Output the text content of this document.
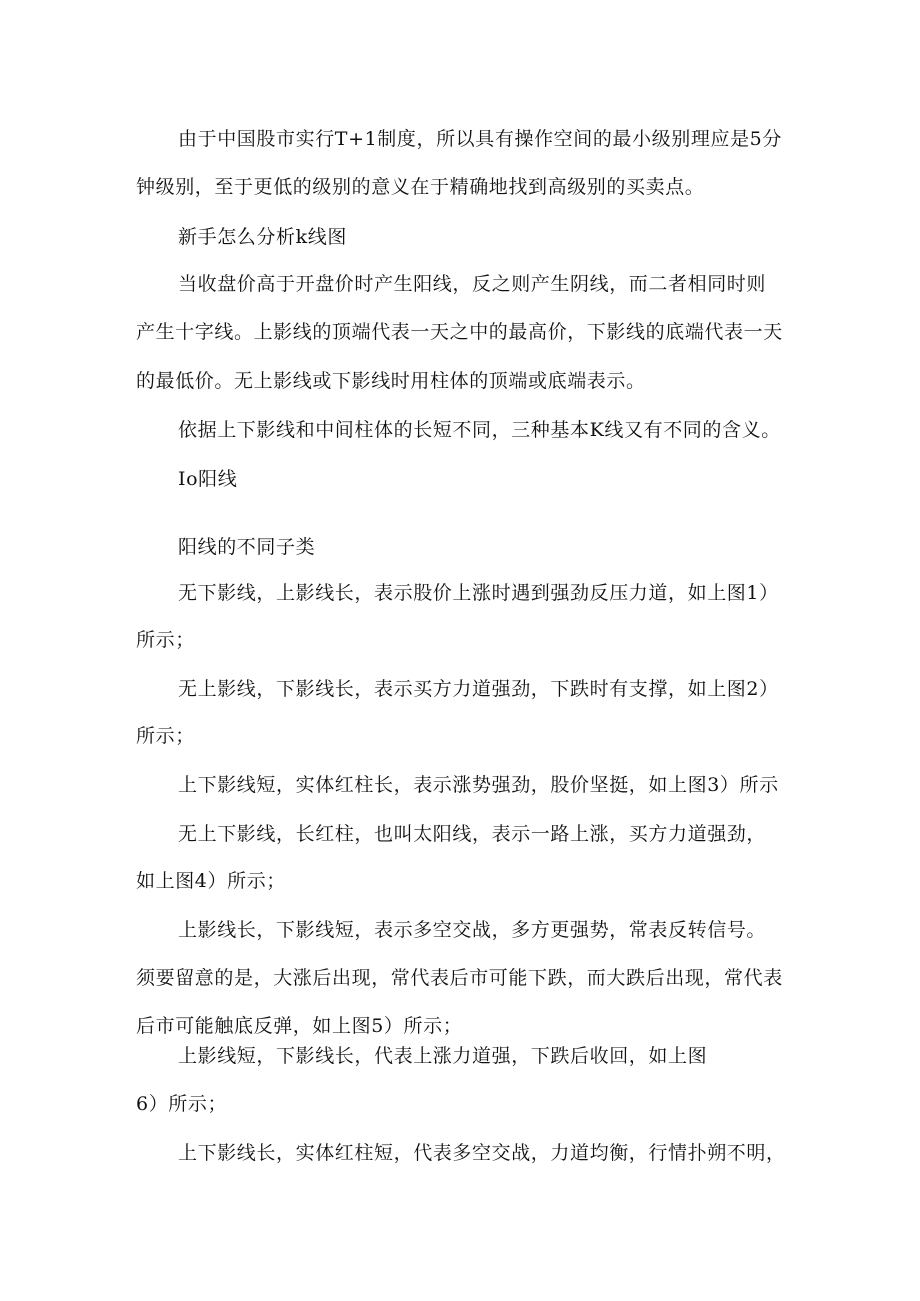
由于中国股市实行T+1制度，所以具有操作空间的最小级别理应是5分
钟级别，至于更低的级别的意义在于精确地找到高级别的买卖点。
新手怎么分析k线图
当收盘价高于开盘价时产生阳线，反之则产生阴线，而二者相同时则
产生十字线。上影线的顶端代表一天之中的最高价，下影线的底端代表一天
的最低价。无上影线或下影线时用柱体的顶端或底端表示。
依据上下影线和中间柱体的长短不同，三种基本K线又有不同的含义。
Io阳线
阳线的不同子类
无下影线，上影线长，表示股价上涨时遇到强劲反压力道，如上图1）
所示；
无上影线，下影线长，表示买方力道强劲，下跌时有支撑，如上图2）
所示；
上下影线短，实体红柱长，表示涨势强劲，股价坚挺，如上图3）所示
无上下影线，长红柱，也叫太阳线，表示一路上涨，买方力道强劲，
如上图4）所示；
上影线长，下影线短，表示多空交战，多方更强势，常表反转信号。
须要留意的是，大涨后出现，常代表后市可能下跌，而大跌后出现，常代表
后市可能触底反弹，如上图5）所示；
上影线短，下影线长，代表上涨力道强，下跌后收回，如上图
6）所示；
上下影线长，实体红柱短，代表多空交战，力道均衡，行情扑朔不明，
